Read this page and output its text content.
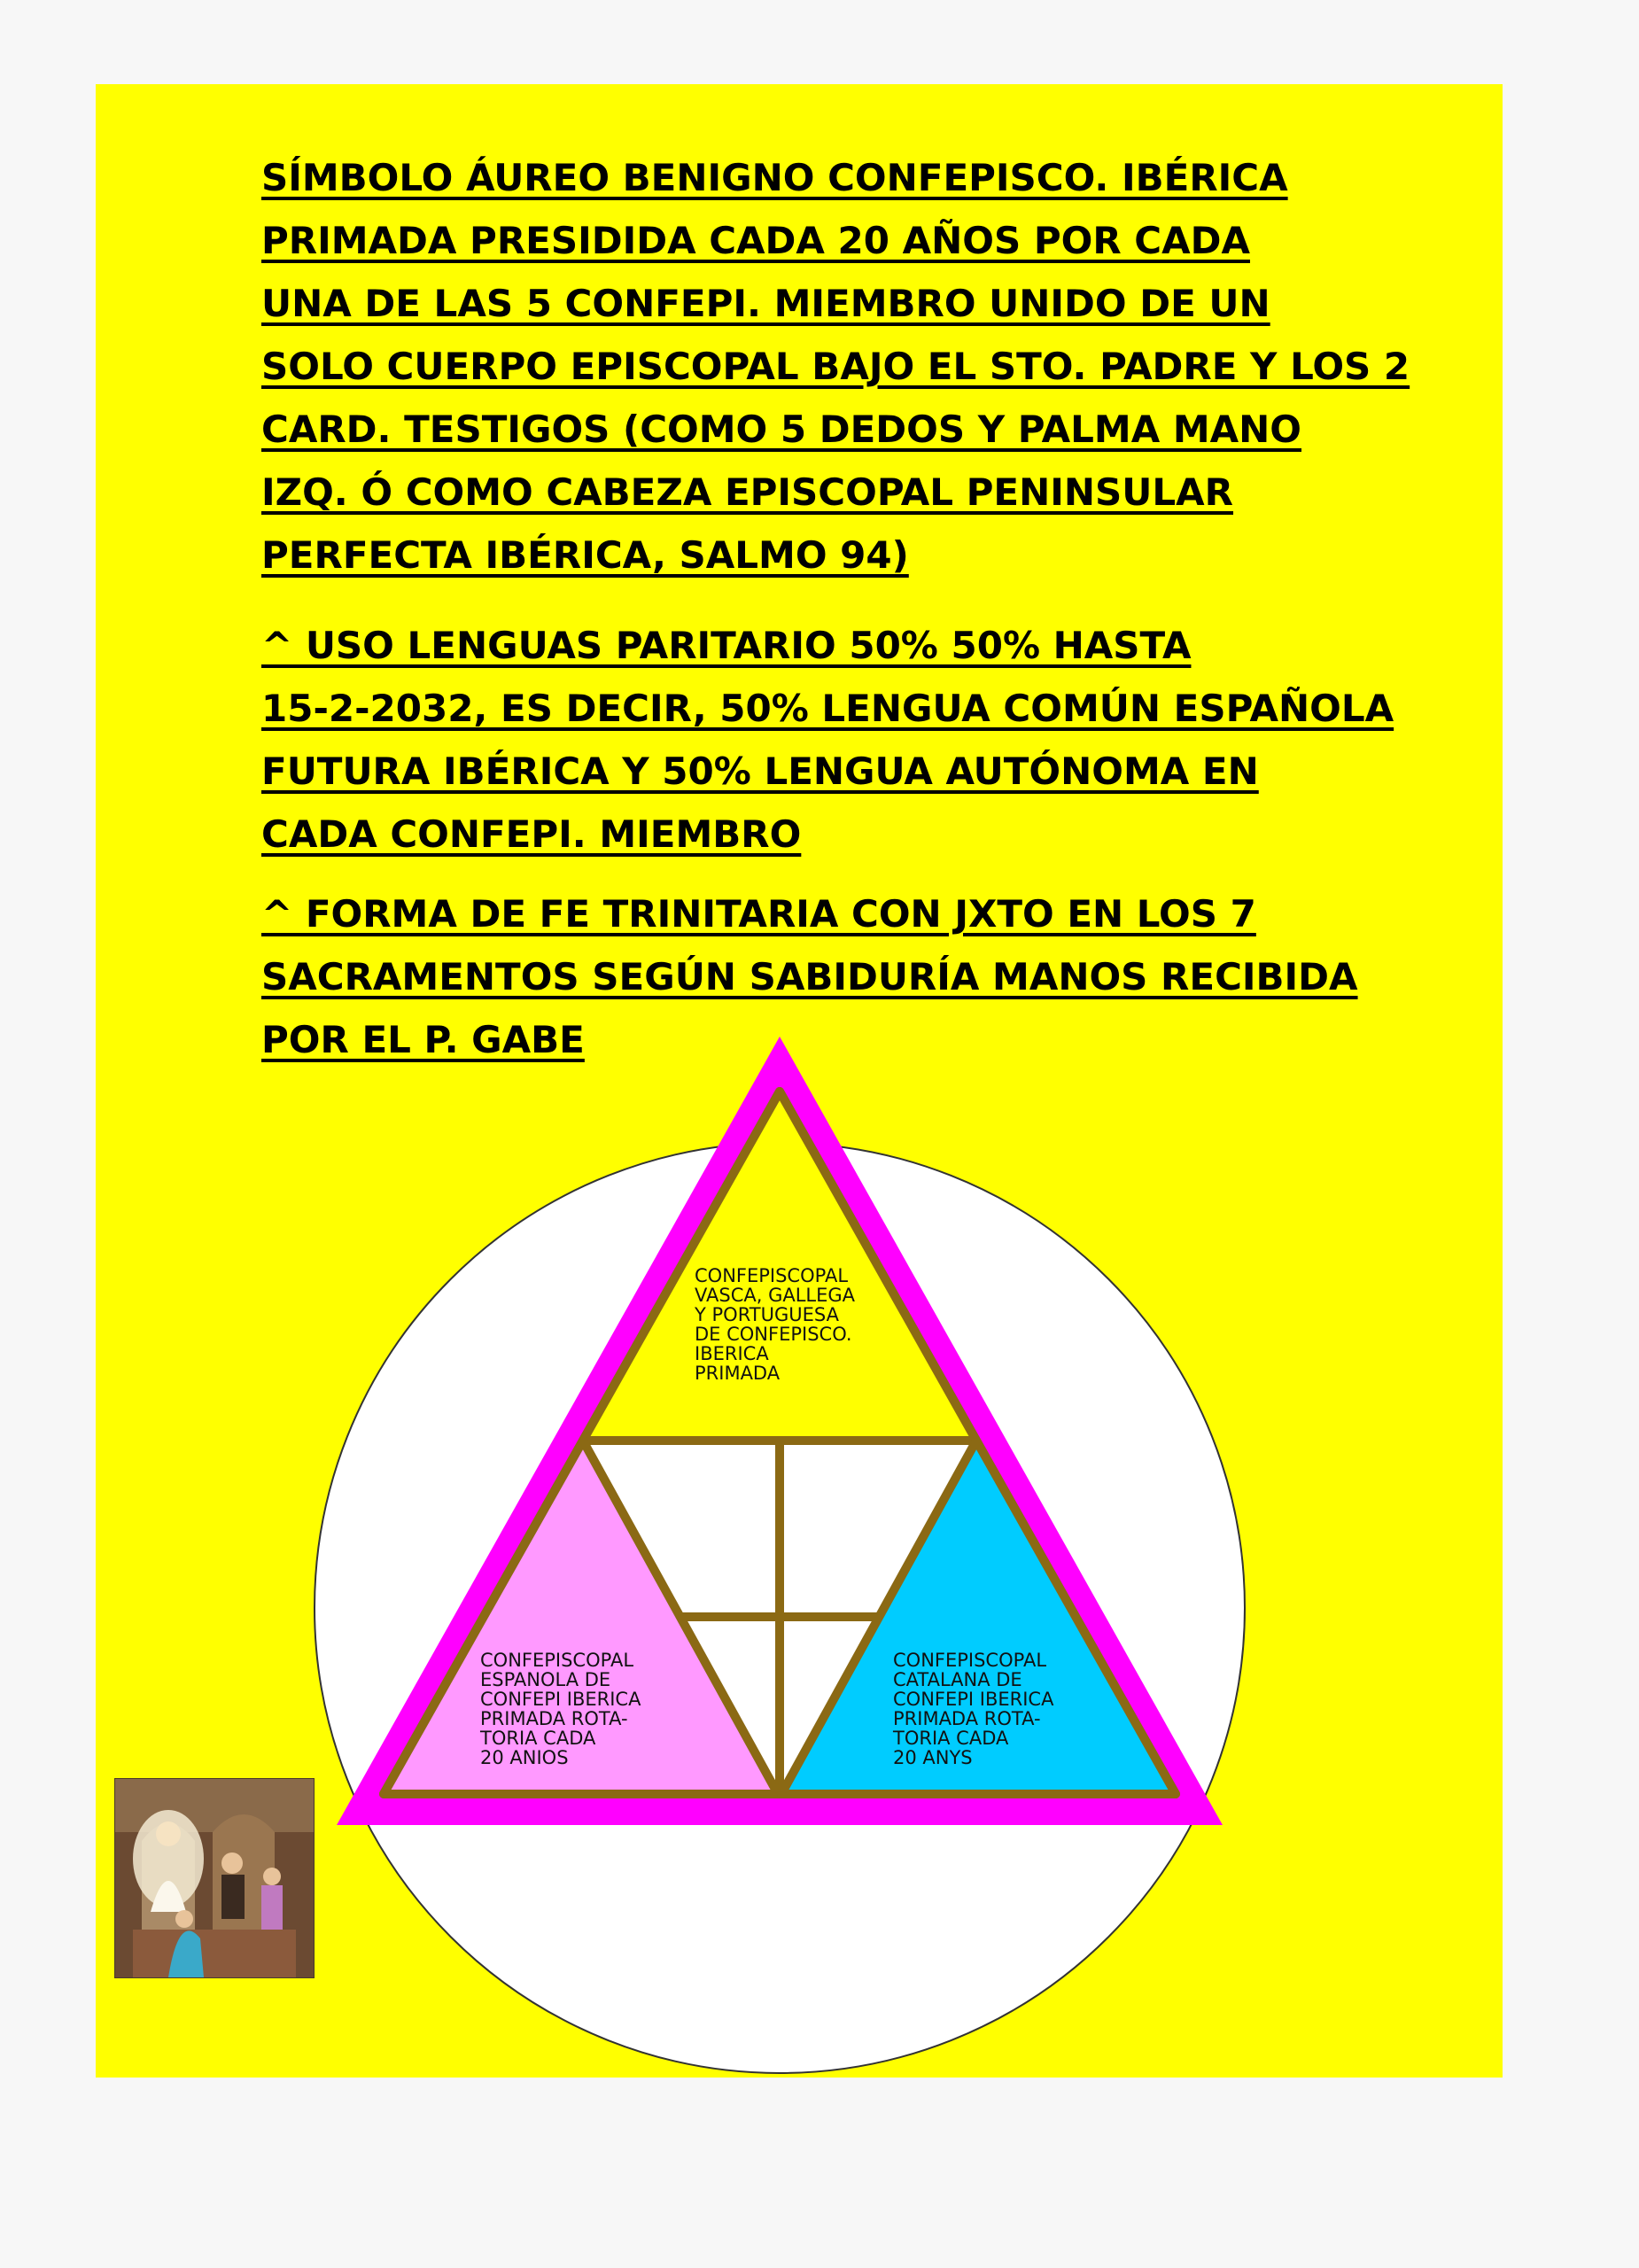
SÍMBOLO ÁUREO BENIGNO CONFEPISCO. IBÉRICA
PRIMADA PRESIDIDA CADA 20 AÑOS POR CADA
UNA DE LAS 5 CONFEPI. MIEMBRO UNIDO DE UN
SOLO CUERPO EPISCOPAL BAJO EL STO. PADRE Y LOS 2
CARD. TESTIGOS (COMO 5 DEDOS Y PALMA MANO
IZQ. Ó COMO CABEZA EPISCOPAL PENINSULAR
PERFECTA IBÉRICA, SALMO 94)

^ USO LENGUAS PARITARIO 50% 50% HASTA
15-2-2032, ES DECIR, 50% LENGUA COMÚN ESPAÑOLA
FUTURA IBÉRICA Y 50% LENGUA AUTÓNOMA EN
CADA CONFEPI. MIEMBRO

^ FORMA DE FE TRINITARIA CON JXTO EN LOS 7
SACRAMENTOS SEGÚN SABIDURÍA MANOS RECIBIDA
POR EL P. GABE

CONFEPISCOPAL VASCA, GALLEGA Y PORTUGUESA DE CONFEPISCO. IBERICA PRIMADA
CONFEPISCOPAL ESPANOLA DE CONFEPI IBERICA PRIMADA ROTA- TORIA CADA 20 ANIOS
CONFEPISCOPAL CATALANA DE CONFEPI IBERICA PRIMADA ROTA- TORIA CADA 20 ANYS
